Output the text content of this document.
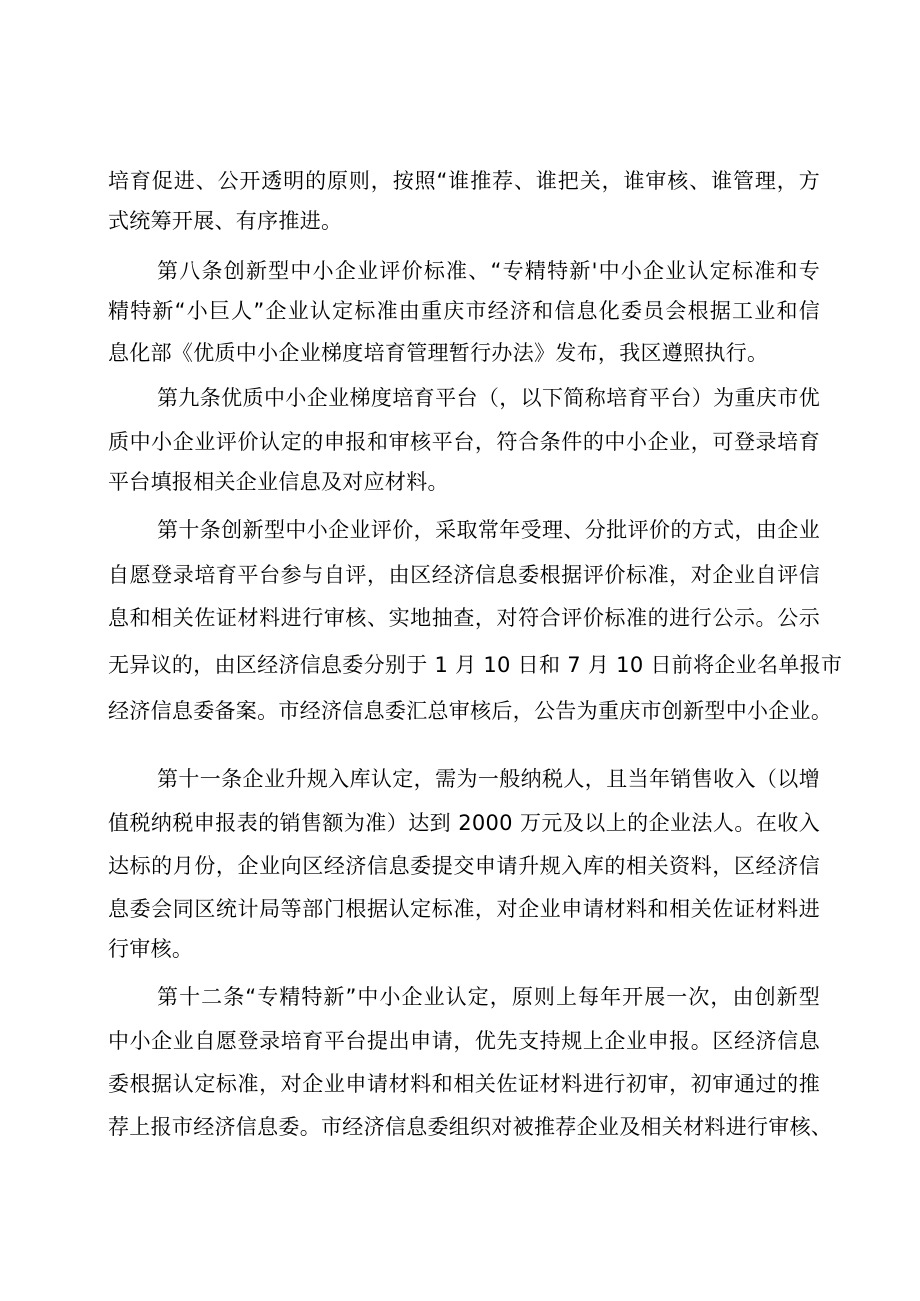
培育促进、公开透明的原则，按照“谁推荐、谁把关，谁审核、谁管理，方
式统筹开展、有序推进。
第八条创新型中小企业评价标准、“专精特新'中小企业认定标准和专
精特新“小巨人”企业认定标准由重庆市经济和信息化委员会根据工业和信
息化部《优质中小企业梯度培育管理暂行办法》发布，我区遵照执行。
第九条优质中小企业梯度培育平台（，以下简称培育平台）为重庆市优
质中小企业评价认定的申报和审核平台，符合条件的中小企业，可登录培育
平台填报相关企业信息及对应材料。
第十条创新型中小企业评价，采取常年受理、分批评价的方式，由企业
自愿登录培育平台参与自评，由区经济信息委根据评价标准，对企业自评信
息和相关佐证材料进行审核、实地抽查，对符合评价标准的进行公示。公示
无异议的，由区经济信息委分别于 1 月 10 日和 7 月 10 日前将企业名单报市
经济信息委备案。市经济信息委汇总审核后，公告为重庆市创新型中小企业。
第十一条企业升规入库认定，需为一般纳税人，且当年销售收入（以增
值税纳税申报表的销售额为准）达到 2000 万元及以上的企业法人。在收入
达标的月份，企业向区经济信息委提交申请升规入库的相关资料，区经济信
息委会同区统计局等部门根据认定标准，对企业申请材料和相关佐证材料进
行审核。
第十二条“专精特新”中小企业认定，原则上每年开展一次，由创新型
中小企业自愿登录培育平台提出申请，优先支持规上企业申报。区经济信息
委根据认定标准，对企业申请材料和相关佐证材料进行初审，初审通过的推
荐上报市经济信息委。市经济信息委组织对被推荐企业及相关材料进行审核、
